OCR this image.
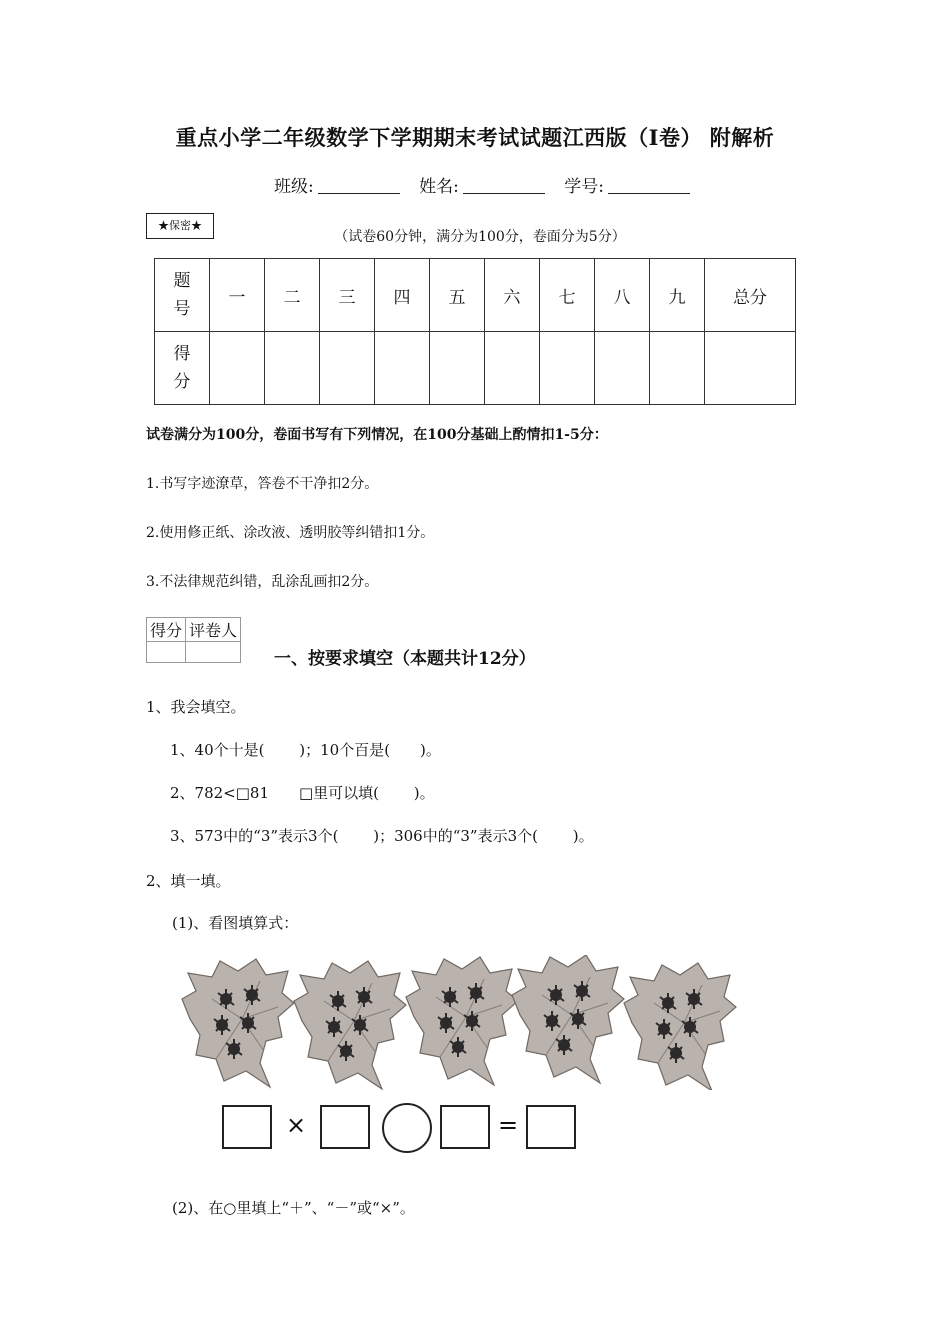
重点小学二年级数学下学期期末考试试题江西版（I卷） 附解析
班级:	姓名:	学号:
★保密★
（试卷60分钟，满分为100分，卷面分为5分）
题号	一	二	三	四	五	六	七	八	九	总分
得分										
试卷满分为100分，卷面书写有下列情况，在100分基础上酌情扣1-5分：
1.书写字迹潦草，答卷不干净扣2分。
2.使用修正纸、涂改液、透明胶等纠错扣1分。
3.不法律规范纠错，乱涂乱画扣2分。
得分	评卷人

一、按要求填空（本题共计12分）
1、我会填空。
1、40个十是(　　 )；10个百是(　　)。
2、782<□81　　□里可以填(　　 )。
3、573中的“3”表示3个(　　 )；306中的“3”表示3个(　　 )。
2、填一填。
(1)、看图填算式：
×	=
(2)、在○里填上“＋”、“－”或“×”。
